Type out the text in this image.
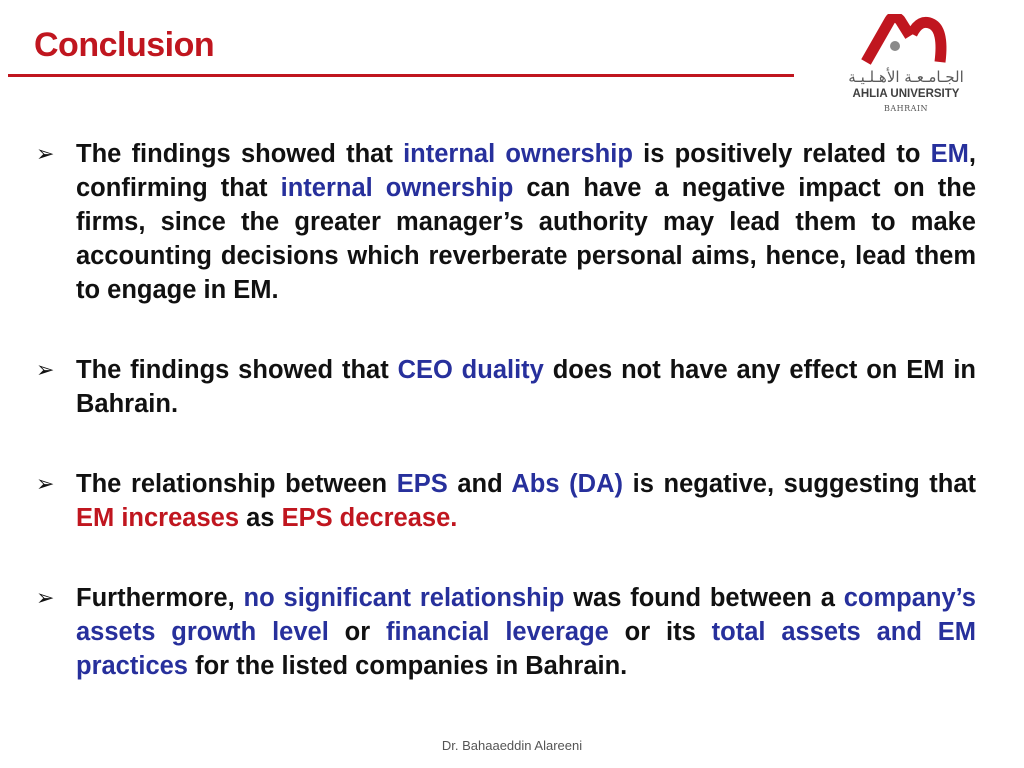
Conclusion
الجـامـعـة الأهـلـيـة
AHLIA UNIVERSITY
BAHRAIN
➢ The findings showed that internal ownership is positively related to EM, confirming that internal ownership can have a negative impact on the firms, since the greater manager’s authority may lead them to make accounting decisions which reverberate personal aims, hence, lead them to engage in EM.
➢ The findings showed that CEO duality does not have any effect on EM in Bahrain.
➢ The relationship between EPS and Abs (DA) is negative, suggesting that EM increases as EPS decrease.
➢ Furthermore, no significant relationship was found between a company’s assets growth level or financial leverage or its total assets and EM practices for the listed companies in Bahrain.
Dr. Bahaaeddin Alareeni
